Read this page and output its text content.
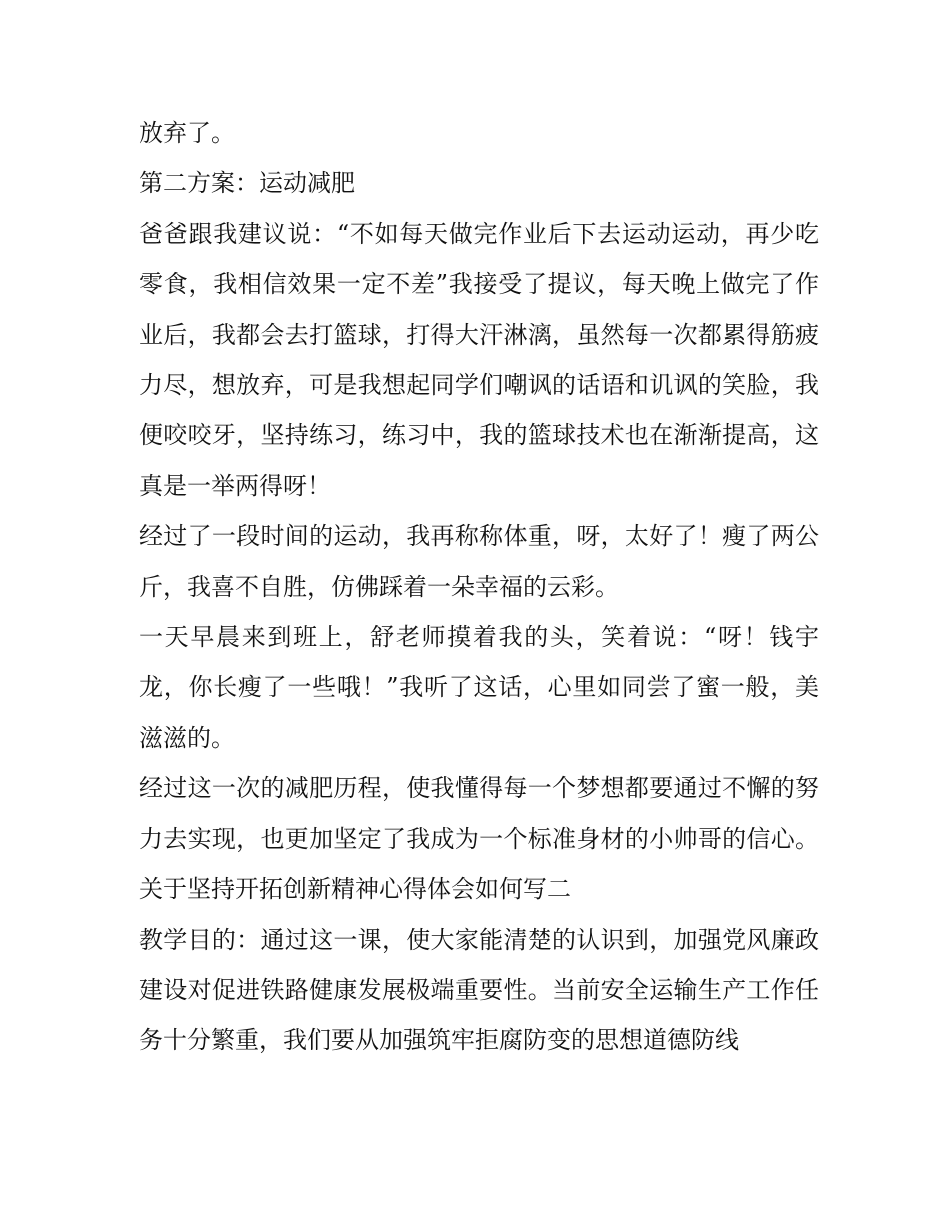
放弃了。

第二方案：运动减肥

爸爸跟我建议说：“不如每天做完作业后下去运动运动，再少吃零食，我相信效果一定不差”我接受了提议，每天晚上做完了作业后，我都会去打篮球，打得大汗淋漓，虽然每一次都累得筋疲力尽，想放弃，可是我想起同学们嘲讽的话语和讥讽的笑脸，我便咬咬牙，坚持练习，练习中，我的篮球技术也在渐渐提高，这真是一举两得呀！

经过了一段时间的运动，我再称称体重，呀，太好了！瘦了两公斤，我喜不自胜，仿佛踩着一朵幸福的云彩。

一天早晨来到班上，舒老师摸着我的头，笑着说：“呀！钱宇龙，你长瘦了一些哦！”我听了这话，心里如同尝了蜜一般，美滋滋的。

经过这一次的减肥历程，使我懂得每一个梦想都要通过不懈的努力去实现，也更加坚定了我成为一个标准身材的小帅哥的信心。 关于坚持开拓创新精神心得体会如何写二

教学目的：通过这一课，使大家能清楚的认识到，加强党风廉政建设对促进铁路健康发展极端重要性。当前安全运输生产工作任务十分繁重，我们要从加强筑牢拒腐防变的思想道德防线
